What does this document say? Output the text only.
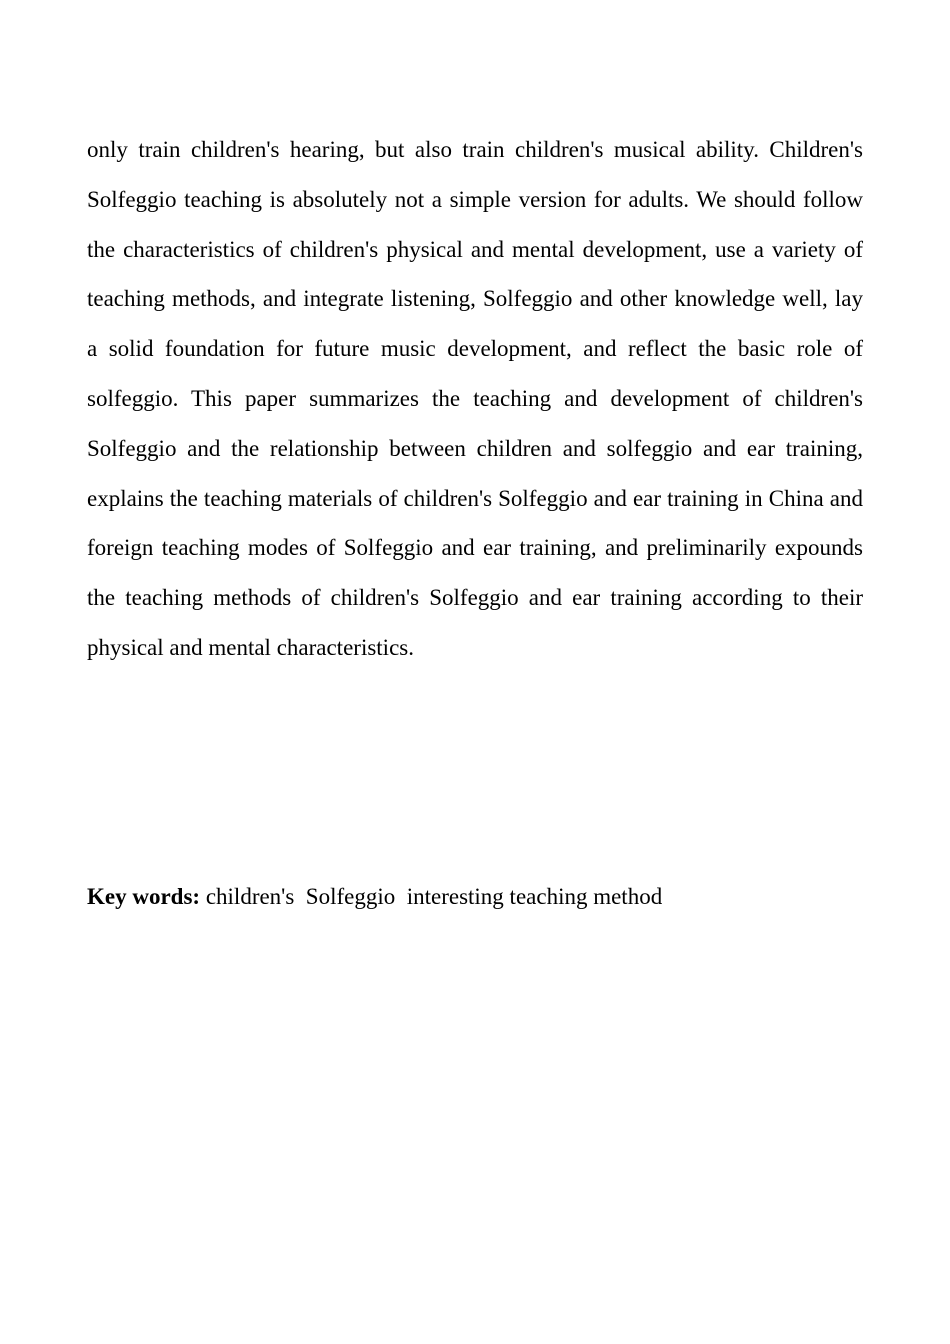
only train children's hearing, but also train children's musical ability. Children's Solfeggio teaching is absolutely not a simple version for adults. We should follow the characteristics of children's physical and mental development, use a variety of teaching methods, and integrate listening, Solfeggio and other knowledge well, lay a solid foundation for future music development, and reflect the basic role of solfeggio. This paper summarizes the teaching and development of children's Solfeggio and the relationship between children and solfeggio and ear training, explains the teaching materials of children's Solfeggio and ear training in China and foreign teaching modes of Solfeggio and ear training, and preliminarily expounds the teaching methods of children's Solfeggio and ear training according to their physical and mental characteristics.

Key words: children's  Solfeggio  interesting teaching method
